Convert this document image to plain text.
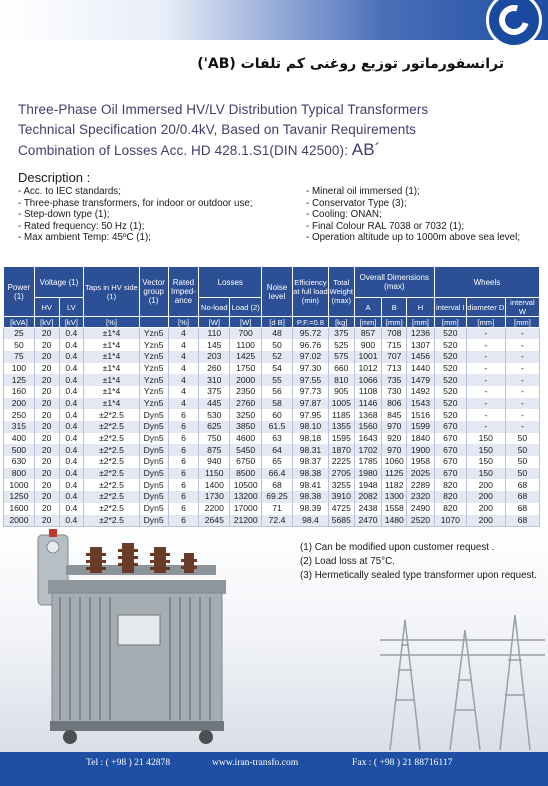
ترانسفورماتور توزیع روغنی کم تلفات (AB')
Three-Phase Oil Immersed HV/LV Distribution Typical Transformers
Technical Specification 20/0.4kV, Based on Tavanir Requirements
Combination of Losses Acc. HD 428.1.S1(DIN 42500): AB´
Description :
- Acc. to IEC standards;
- Three-phase transformers, for indoor or outdoor use;
- Step-down type (1);
- Rated frequency: 50 Hz (1);
- Max ambient Temp: 45ºC (1);
- Mineral oil immersed (1);
- Conservator Type (3);
- Cooling: ONAN;
- Final Colour RAL 7038 or 7032 (1);
- Operation altitude up to 1000m above sea level;
Power (1)	Voltage (1)		Taps in HV side (1)	Vector group (1)	Rated Imped- ance	Losses		Noise level	Efficiency at full load (min)	Total Weight (max)	Overall Dimensions (max)			Wheels		
	HV	LV				No-load	Load (2)				A	B	H	interval I	diameter D	interval W
[kVA]	[kV]	[kV]	[%]		[%]	[W]	[W]	[d B]	P.F.=0.8	[kg]	[mm]	[mm]	[mm]	[mm]	[mm]	[mm]
25	20	0.4	±1*4	Yzn5	4	110	700	48	95.72	375	857	708	1236	520	-	-
50	20	0.4	±1*4	Yzn5	4	145	1100	50	96.76	525	900	715	1307	520	-	-
75	20	0.4	±1*4	Yzn5	4	203	1425	52	97.02	575	1001	707	1456	520	-	-
100	20	0.4	±1*4	Yzn5	4	260	1750	54	97.30	660	1012	713	1440	520	-	-
125	20	0.4	±1*4	Yzn5	4	310	2000	55	97.55	810	1066	735	1479	520	-	-
160	20	0.4	±1*4	Yzn5	4	375	2350	56	97.73	905	1108	730	1492	520	-	-
200	20	0.4	±1*4	Yzn5	4	445	2760	58	97.87	1005	1146	806	1543	520	-	-
250	20	0.4	±2*2.5	Dyn5	6	530	3250	60	97.95	1185	1368	845	1516	520	-	-
315	20	0.4	±2*2.5	Dyn5	6	625	3850	61.5	98.10	1355	1560	970	1599	670	-	-
400	20	0.4	±2*2.5	Dyn5	6	750	4600	63	98.18	1595	1643	920	1840	670	150	50
500	20	0.4	±2*2.5	Dyn5	6	875	5450	64	98.31	1870	1702	970	1900	670	150	50
630	20	0.4	±2*2.5	Dyn5	6	940	6750	65	98.37	2225	1785	1060	1958	670	150	50
800	20	0.4	±2*2.5	Dyn5	6	1150	8500	66.4	98.38	2705	1980	1125	2025	670	150	50
1000	20	0.4	±2*2.5	Dyn5	6	1400	10500	68	98.41	3255	1948	1182	2289	820	200	68
1250	20	0.4	±2*2.5	Dyn5	6	1730	13200	69.25	98.38	3910	2082	1300	2320	820	200	68
1600	20	0.4	±2*2.5	Dyn5	6	2200	17000	71	98.39	4725	2438	1558	2490	820	200	68
2000	20	0.4	±2*2.5	Dyn5	6	2645	21200	72.4	98.4	5685	2470	1480	2520	1070	200	68
(1) Can be modified upon customer request .
(2) Load loss at 75°C.
(3) Hermetically sealed type transformer upon request.
Tel : ( +98 ) 21 42878	www.iran-transfo.com	Fax : ( +98 ) 21 88716117
